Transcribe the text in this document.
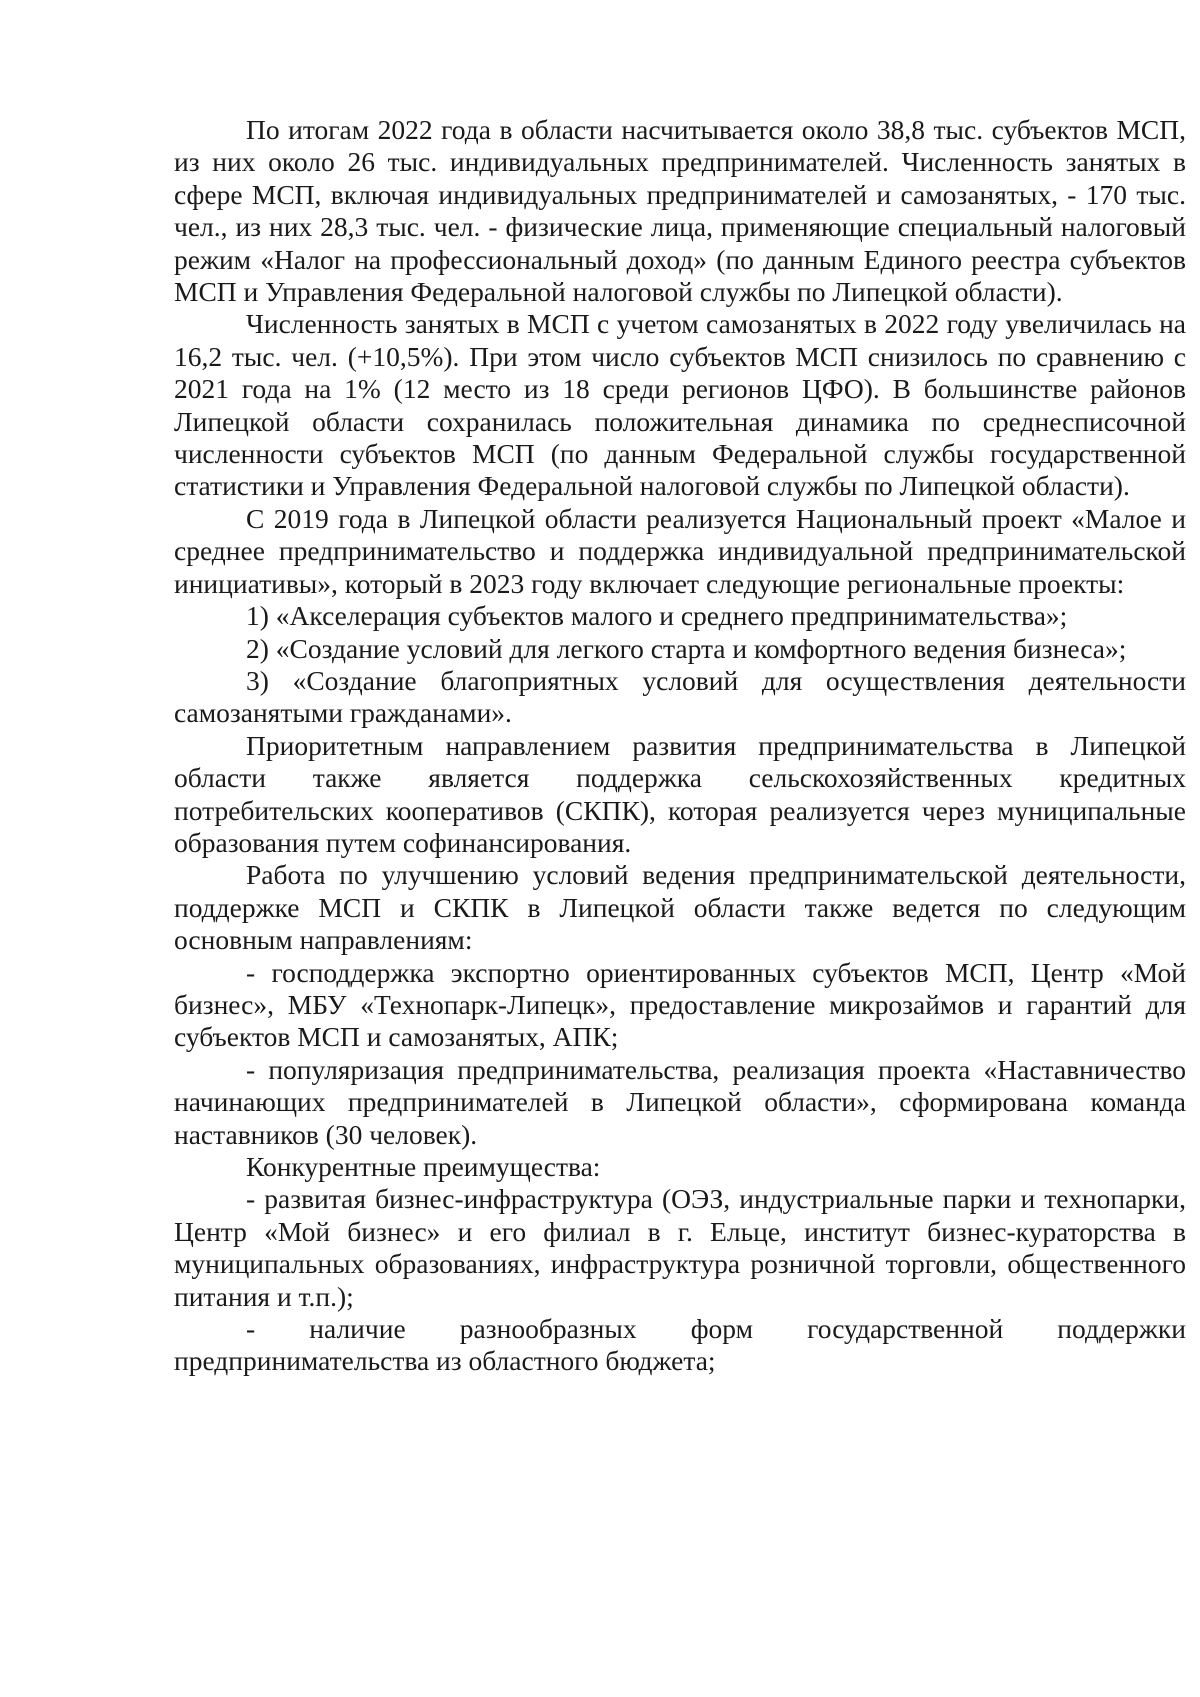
По итогам 2022 года в области насчитывается около 38,8 тыс. субъектов МСП, из них около 26 тыс. индивидуальных предпринимателей. Численность занятых в сфере МСП, включая индивидуальных предпринимателей и самозанятых, - 170 тыс. чел., из них 28,3 тыс. чел. - физические лица, применяющие специальный налоговый режим «Налог на профессиональный доход» (по данным Единого реестра субъектов МСП и Управления Федеральной налоговой службы по Липецкой области).

Численность занятых в МСП с учетом самозанятых в 2022 году увеличилась на 16,2 тыс. чел. (+10,5%). При этом число субъектов МСП снизилось по сравнению с 2021 года на 1% (12 место из 18 среди регионов ЦФО). В большинстве районов Липецкой области сохранилась положительная динамика по среднесписочной численности субъектов МСП (по данным Федеральной службы государственной статистики и Управления Федеральной налоговой службы по Липецкой области).

С 2019 года в Липецкой области реализуется Национальный проект «Малое и среднее предпринимательство и поддержка индивидуальной предпринимательской инициативы», который в 2023 году включает следующие региональные проекты:

1) «Акселерация субъектов малого и среднего предпринимательства»;

2) «Создание условий для легкого старта и комфортного ведения бизнеса»;

3) «Создание благоприятных условий для осуществления деятельности самозанятыми гражданами».

Приоритетным направлением развития предпринимательства в Липецкой области также является поддержка сельскохозяйственных кредитных потребительских кооперативов (СКПК), которая реализуется через муниципальные образования путем софинансирования.

Работа по улучшению условий ведения предпринимательской деятельности, поддержке МСП и СКПК в Липецкой области также ведется по следующим основным направлениям:

- господдержка экспортно ориентированных субъектов МСП, Центр «Мой бизнес», МБУ «Технопарк-Липецк», предоставление микрозаймов и гарантий для субъектов МСП и самозанятых, АПК;

- популяризация предпринимательства, реализация проекта «Наставничество начинающих предпринимателей в Липецкой области», сформирована команда наставников (30 человек).

Конкурентные преимущества:

- развитая бизнес-инфраструктура (ОЭЗ, индустриальные парки и технопарки, Центр «Мой бизнес» и его филиал в г. Ельце, институт бизнес-кураторства в муниципальных образованиях, инфраструктура розничной торговли, общественного питания и т.п.);

- наличие разнообразных форм государственной поддержки предпринимательства из областного бюджета;
